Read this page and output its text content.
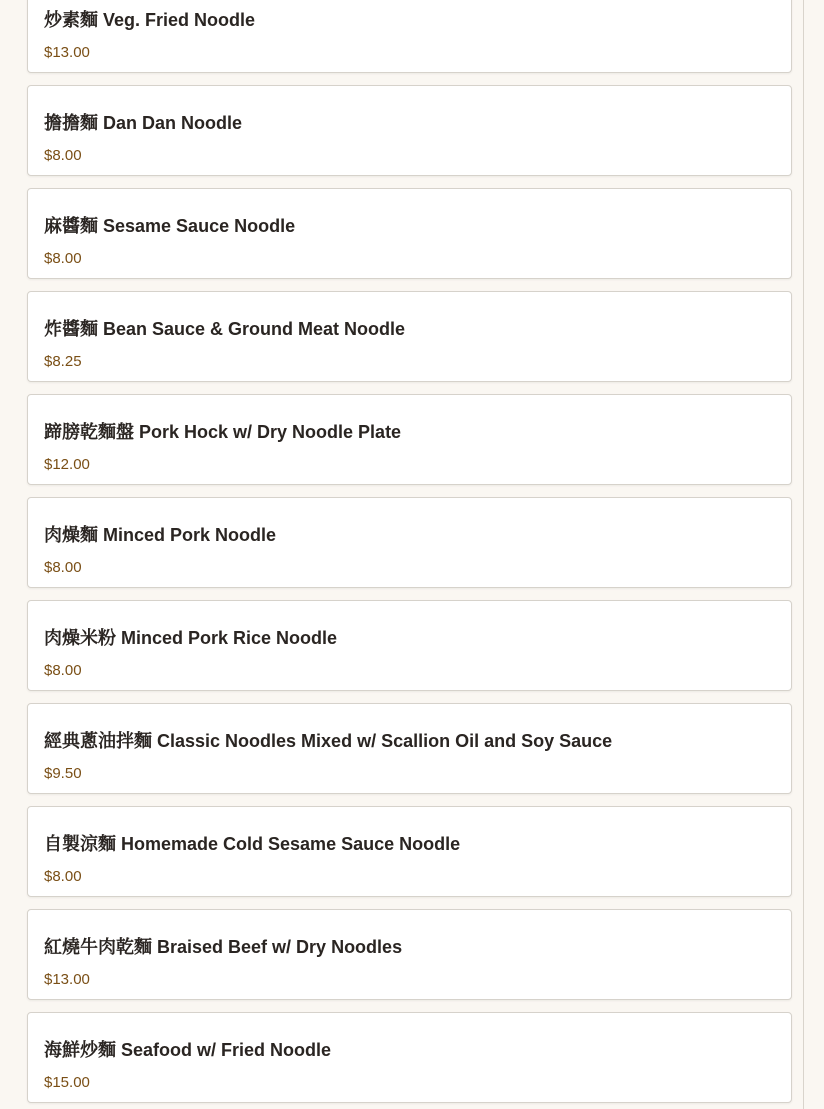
炒素麵 Veg. Fried Noodle
$13.00
擔擔麵 Dan Dan Noodle
$8.00
麻醬麵 Sesame Sauce Noodle
$8.00
炸醬麵 Bean Sauce & Ground Meat Noodle
$8.25
蹄膀乾麵盤 Pork Hock w/ Dry Noodle Plate
$12.00
肉燥麵 Minced Pork Noodle
$8.00
肉燥米粉 Minced Pork Rice Noodle
$8.00
經典蔥油拌麵 Classic Noodles Mixed w/ Scallion Oil and Soy Sauce
$9.50
自製涼麵 Homemade Cold Sesame Sauce Noodle
$8.00
紅燒牛肉乾麵 Braised Beef w/ Dry Noodles
$13.00
海鮮炒麵 Seafood w/ Fried Noodle
$15.00
